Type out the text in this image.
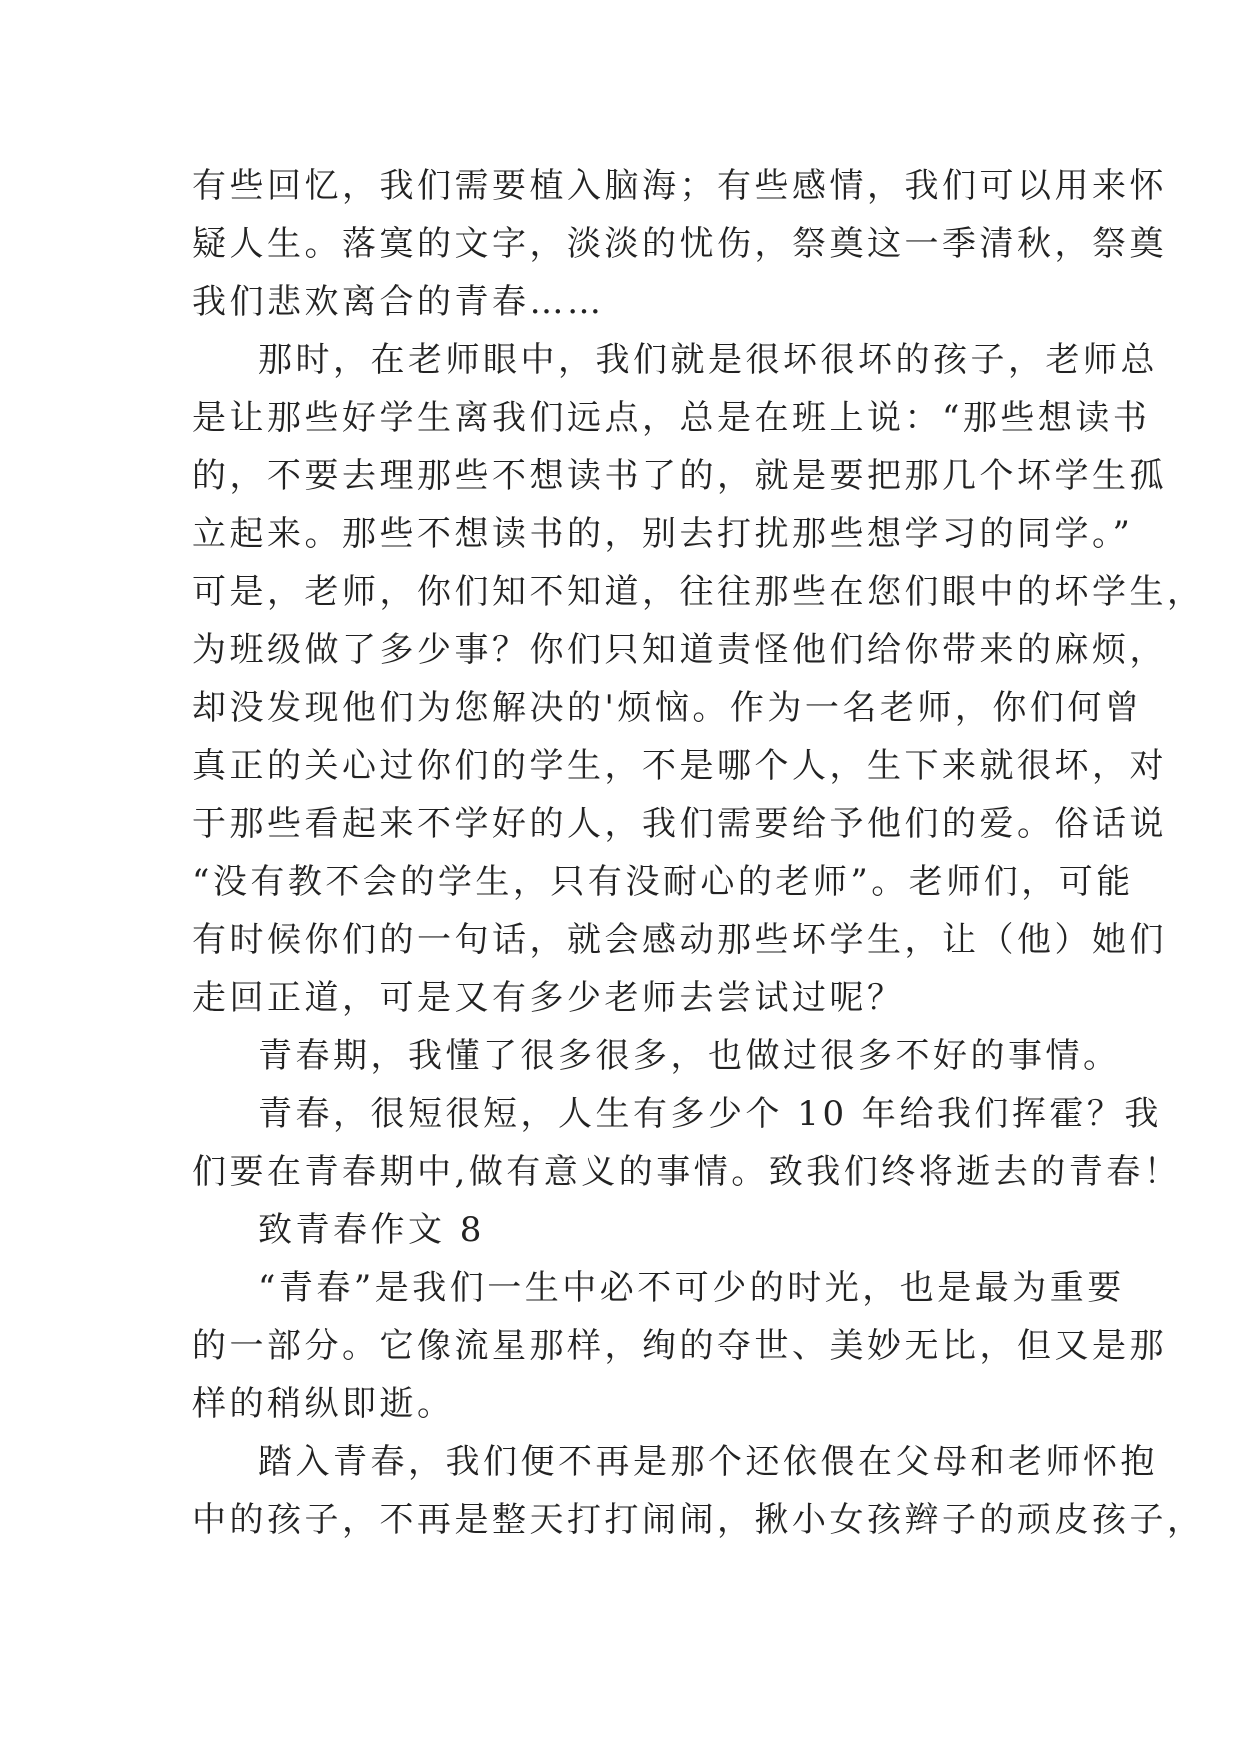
有些回忆，我们需要植入脑海；有些感情，我们可以用来怀
疑人生。落寞的文字，淡淡的忧伤，祭奠这一季清秋，祭奠
我们悲欢离合的青春……
那时，在老师眼中，我们就是很坏很坏的孩子，老师总
是让那些好学生离我们远点，总是在班上说：“那些想读书
的，不要去理那些不想读书了的，就是要把那几个坏学生孤
立起来。那些不想读书的，别去打扰那些想学习的同学。”
可是，老师，你们知不知道，往往那些在您们眼中的坏学生，
为班级做了多少事？你们只知道责怪他们给你带来的麻烦，
却没发现他们为您解决的'烦恼。作为一名老师，你们何曾
真正的关心过你们的学生，不是哪个人，生下来就很坏，对
于那些看起来不学好的人，我们需要给予他们的爱。俗话说
“没有教不会的学生，只有没耐心的老师”。老师们，可能
有时候你们的一句话，就会感动那些坏学生，让（他）她们
走回正道，可是又有多少老师去尝试过呢？
青春期，我懂了很多很多，也做过很多不好的事情。
青春，很短很短，人生有多少个 10 年给我们挥霍？我
们要在青春期中,做有意义的事情。致我们终将逝去的青春！
致青春作文 8
“青春”是我们一生中必不可少的时光，也是最为重要
的一部分。它像流星那样，绚的夺世、美妙无比，但又是那
样的稍纵即逝。
踏入青春，我们便不再是那个还依偎在父母和老师怀抱
中的孩子，不再是整天打打闹闹，揪小女孩辫子的顽皮孩子，
